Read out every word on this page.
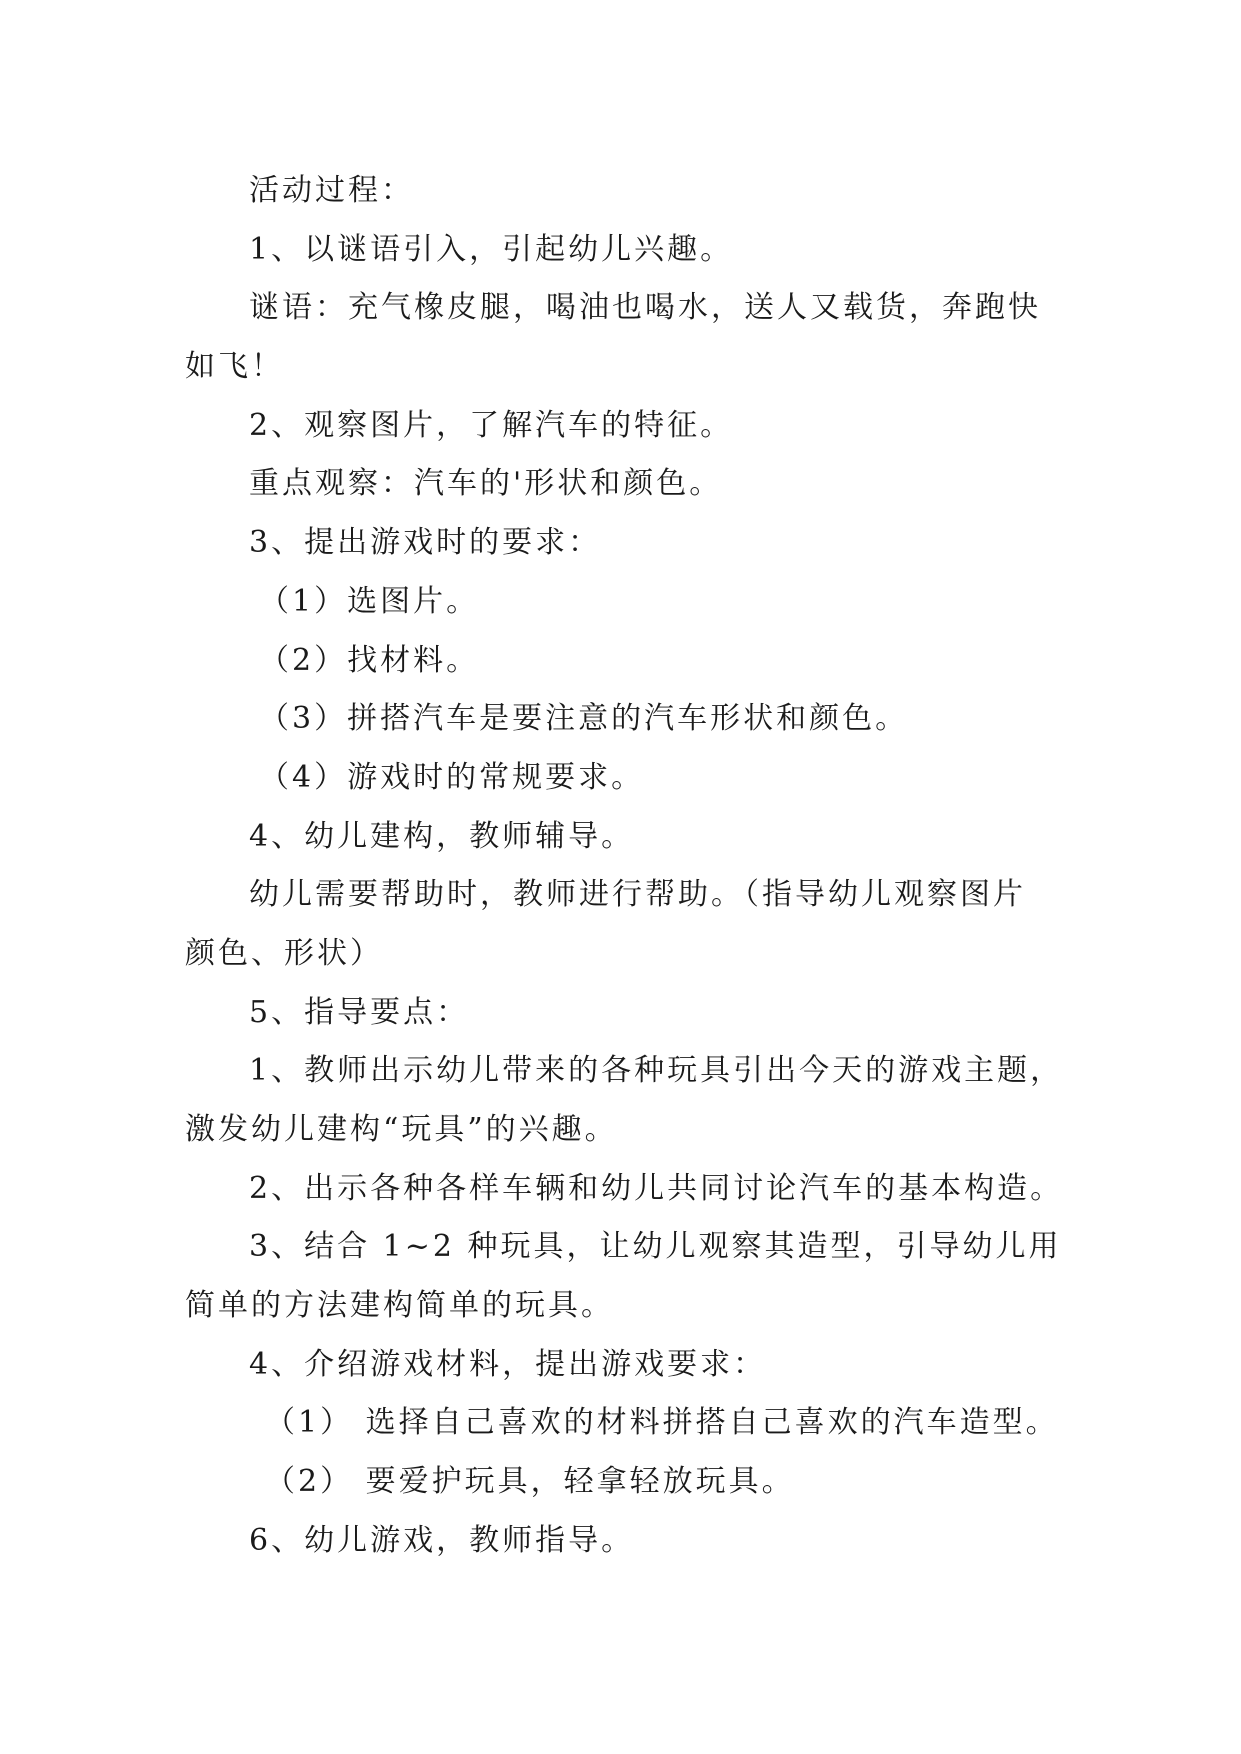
活动过程：
1、以谜语引入，引起幼儿兴趣。
谜语：充气橡皮腿，喝油也喝水，送人又载货，奔跑快
如飞！
2、观察图片，了解汽车的特征。
重点观察：汽车的'形状和颜色。
3、提出游戏时的要求：
（1）选图片。
（2）找材料。
（3）拼搭汽车是要注意的汽车形状和颜色。
（4）游戏时的常规要求。
4、幼儿建构，教师辅导。
幼儿需要帮助时，教师进行帮助。（指导幼儿观察图片
颜色、形状）
5、指导要点：
1、教师出示幼儿带来的各种玩具引出今天的游戏主题，
激发幼儿建构“玩具”的兴趣。
2、出示各种各样车辆和幼儿共同讨论汽车的基本构造。
3、结合 1~2 种玩具，让幼儿观察其造型，引导幼儿用
简单的方法建构简单的玩具。
4、介绍游戏材料，提出游戏要求：
（1） 选择自己喜欢的材料拼搭自己喜欢的汽车造型。
（2） 要爱护玩具，轻拿轻放玩具。
6、幼儿游戏，教师指导。
